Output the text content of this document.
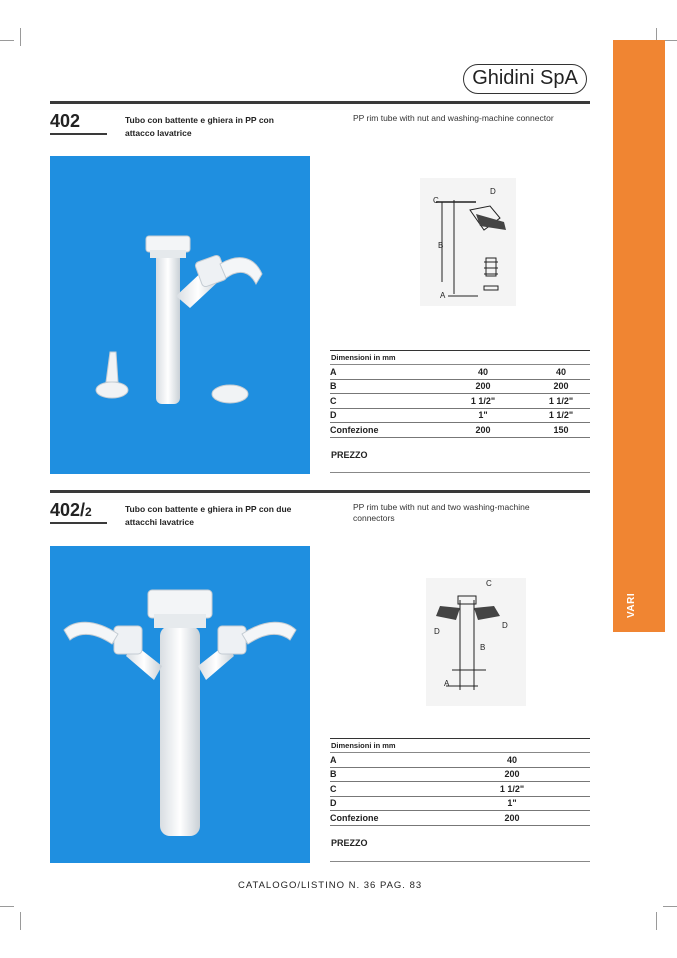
Ghidini SpA
VARI
402	Tubo con battente e ghiera in PP con attacco lavatrice
PP rim tube with nut and washing-machine connector
C
D
B
A
Dimensioni in mm
A	40	40
B	200	200
C	1 1/2"	1 1/2"
D	1"	1 1/2"
Confezione	200	150
PREZZO
402/2	Tubo con battente e ghiera in PP con due attacchi lavatrice
PP rim tube with nut and two washing-machine connectors
C
D
D
B
A
Dimensioni in mm
A	40
B	200
C	1 1/2"
D	1"
Confezione	200
PREZZO
CATALOGO/LISTINO N. 36 PAG. 83
